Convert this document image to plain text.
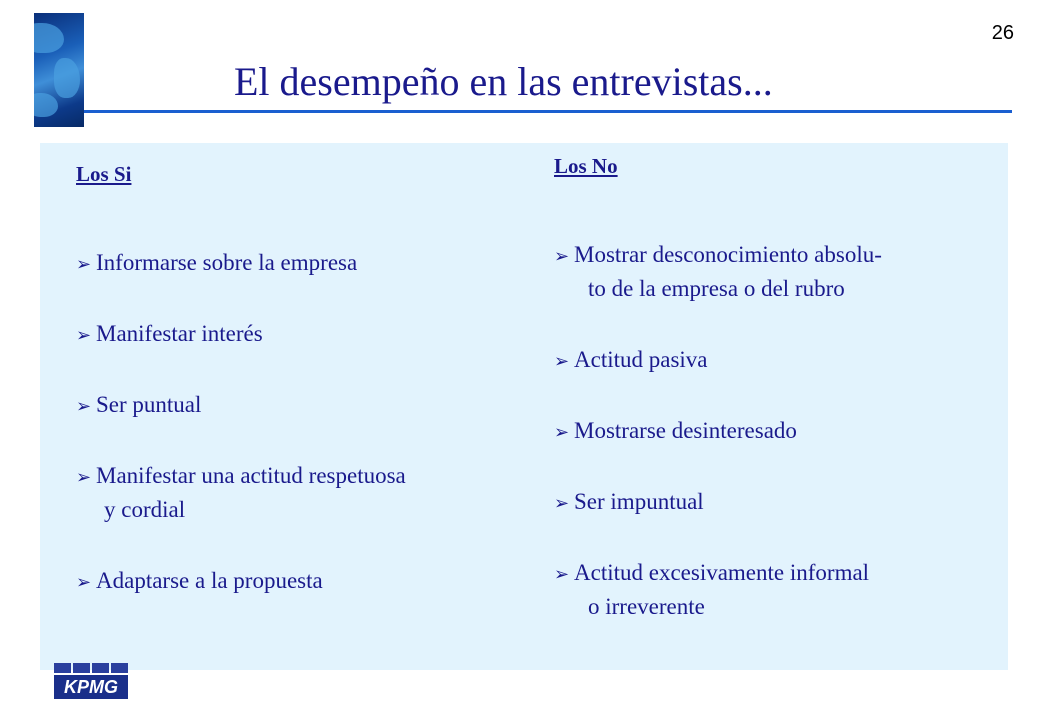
26
El desempeño en las entrevistas...
Los Si
➢ Informarse sobre la empresa
➢ Manifestar interés
➢ Ser puntual
➢ Manifestar una actitud respetuosa
y cordial
➢ Adaptarse a la propuesta
Los No
➢ Mostrar desconocimiento absolu-
to de la empresa o del rubro
➢ Actitud pasiva
➢ Mostrarse desinteresado
➢ Ser impuntual
➢ Actitud excesivamente informal
o irreverente
KPMG
